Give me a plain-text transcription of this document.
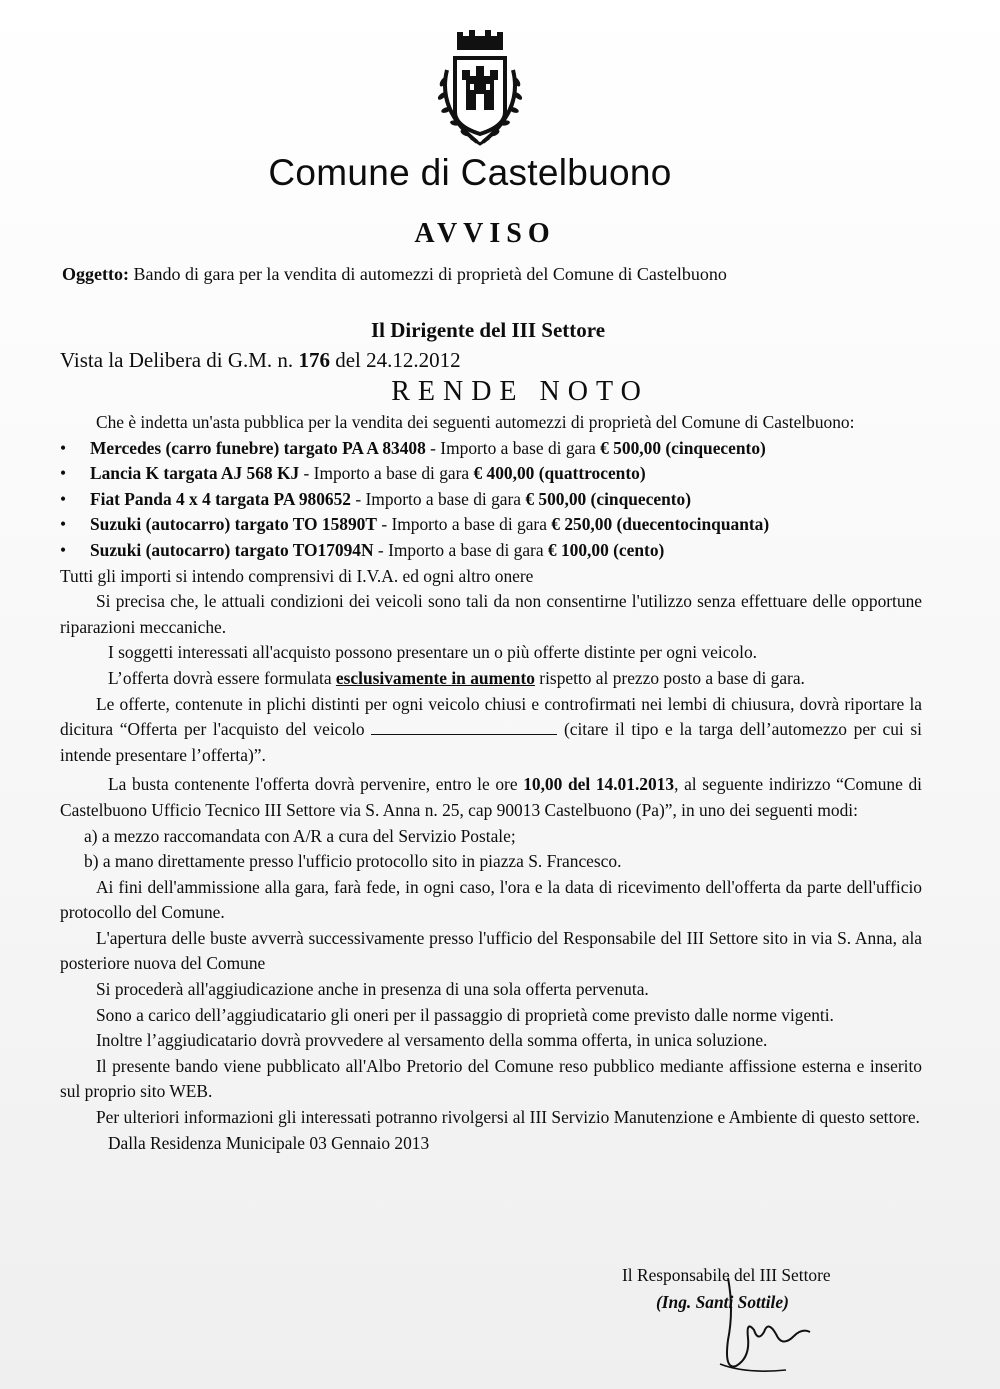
Comune di Castelbuono
AVVISO
Oggetto: Bando di gara per la vendita di automezzi di proprietà del Comune di Castelbuono
Il Dirigente del III Settore
Vista la Delibera di G.M. n. 176 del 24.12.2012
RENDE NOTO

Che è indetta un'asta pubblica per la vendita dei seguenti automezzi di proprietà del Comune di Castelbuono:

• Mercedes (carro funebre) targato PA A 83408 - Importo a base di gara € 500,00 (cinquecento)
• Lancia K targata AJ 568 KJ - Importo a base di gara € 400,00 (quattrocento)
• Fiat Panda 4 x 4 targata PA 980652 - Importo a base di gara € 500,00 (cinquecento)
• Suzuki (autocarro) targato TO 15890T - Importo a base di gara € 250,00 (duecentocinquanta)
• Suzuki (autocarro) targato TO17094N - Importo a base di gara € 100,00 (cento)

Tutti gli importi si intendo comprensivi di I.V.A. ed ogni altro onere

Si precisa che, le attuali condizioni dei veicoli sono tali da non consentirne l'utilizzo senza effettuare delle opportune riparazioni meccaniche.

I soggetti interessati all'acquisto possono presentare un o più offerte distinte per ogni veicolo.

L’offerta dovrà essere formulata esclusivamente in aumento rispetto al prezzo posto a base di gara.

Le offerte, contenute in plichi distinti per ogni veicolo chiusi e controfirmati nei lembi di chiusura, dovrà riportare la dicitura “Offerta per l'acquisto del veicolo	(citare il tipo e la targa dell’automezzo per cui si intende presentare l’offerta)”.

La busta contenente l'offerta dovrà pervenire, entro le ore 10,00 del 14.01.2013, al seguente indirizzo “Comune di Castelbuono Ufficio Tecnico III Settore via S. Anna n. 25, cap 90013 Castelbuono (Pa)”, in uno dei seguenti modi:

a) a mezzo raccomandata con A/R a cura del Servizio Postale;

b) a mano direttamente presso l'ufficio protocollo sito in piazza S. Francesco.

Ai fini dell'ammissione alla gara, farà fede, in ogni caso, l'ora e la data di ricevimento dell'offerta da parte dell'ufficio protocollo del Comune.

L'apertura delle buste avverrà successivamente presso l'ufficio del Responsabile del III Settore sito in via S. Anna, ala posteriore nuova del Comune

Si procederà all'aggiudicazione anche in presenza di una sola offerta pervenuta.

Sono a carico dell’aggiudicatario gli oneri per il passaggio di proprietà come previsto dalle norme vigenti.

Inoltre l’aggiudicatario dovrà provvedere al versamento della somma offerta, in unica soluzione.

Il presente bando viene pubblicato all'Albo Pretorio del Comune reso pubblico mediante affissione esterna e inserito sul proprio sito WEB.

Per ulteriori informazioni gli interessati potranno rivolgersi al III Servizio Manutenzione e Ambiente di questo settore.

Dalla Residenza Municipale 03 Gennaio 2013

Il Responsabile del III Settore
(Ing. Santi Sottile)
